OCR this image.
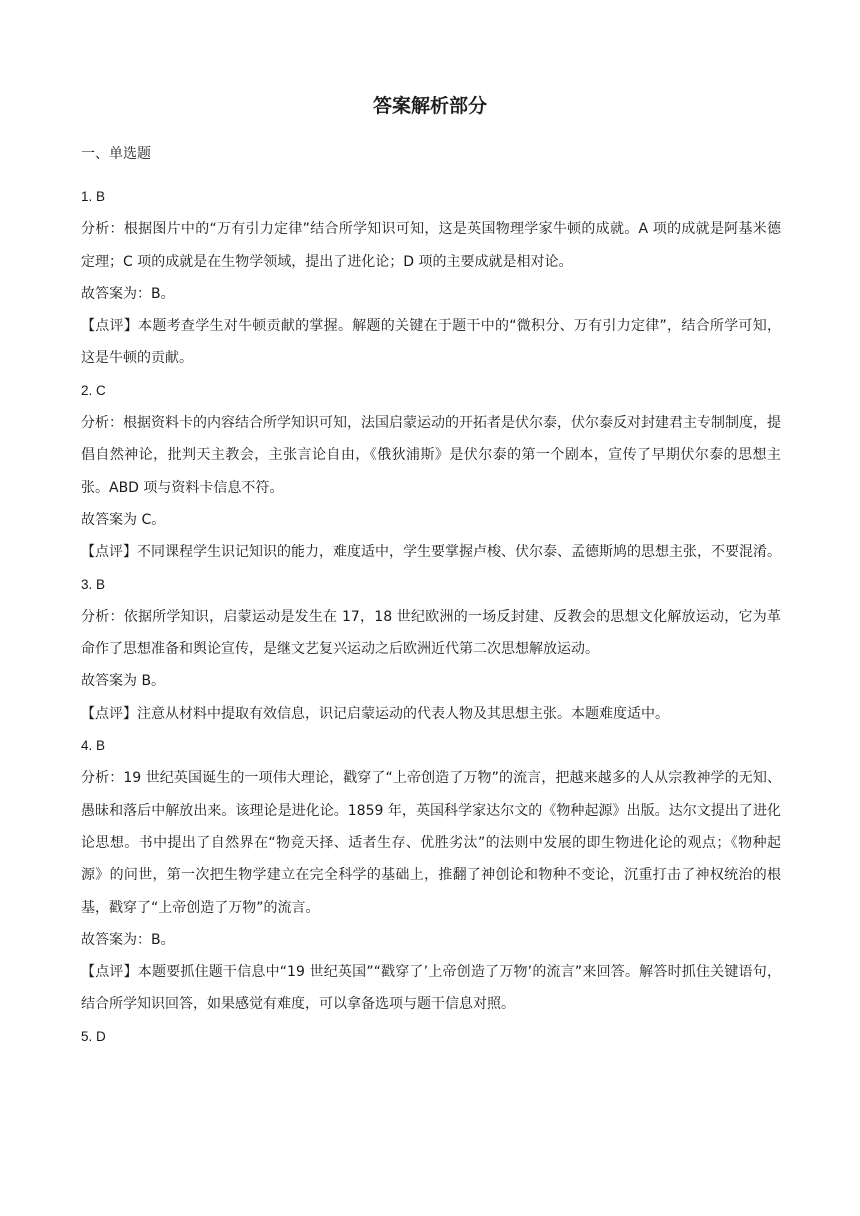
答案解析部分
一、单选题

1. B

分析：根据图片中的“万有引力定律”结合所学知识可知，这是英国物理学家牛顿的成就。A 项的成就是阿基米德定理；C 项的成就是在生物学领域，提出了进化论；D 项的主要成就是相对论。

故答案为：B。

【点评】本题考查学生对牛顿贡献的掌握。解题的关键在于题干中的“微积分、万有引力定律”，结合所学可知，这是牛顿的贡献。

2. C

分析：根据资料卡的内容结合所学知识可知，法国启蒙运动的开拓者是伏尔泰，伏尔泰反对封建君主专制制度，提倡自然神论，批判天主教会，主张言论自由，《俄狄浦斯》是伏尔泰的第一个剧本，宣传了早期伏尔泰的思想主张。ABD 项与资料卡信息不符。

故答案为 C。

【点评】不同课程学生识记知识的能力，难度适中，学生要掌握卢梭、伏尔泰、孟德斯鸠的思想主张，不要混淆。

3. B

分析：依据所学知识，启蒙运动是发生在 17，18 世纪欧洲的一场反封建、反教会的思想文化解放运动，它为革命作了思想准备和舆论宣传，是继文艺复兴运动之后欧洲近代第二次思想解放运动。

故答案为 B。

【点评】注意从材料中提取有效信息，识记启蒙运动的代表人物及其思想主张。本题难度适中。

4. B

分析：19 世纪英国诞生的一项伟大理论，戳穿了“上帝创造了万物”的流言，把越来越多的人从宗教神学的无知、愚昧和落后中解放出来。该理论是进化论。1859 年，英国科学家达尔文的《物种起源》出版。达尔文提出了进化论思想。书中提出了自然界在“物竞天择、适者生存、优胜劣汰”的法则中发展的即生物进化论的观点；《物种起源》的问世，第一次把生物学建立在完全科学的基础上，推翻了神创论和物种不变论，沉重打击了神权统治的根基，戳穿了“上帝创造了万物”的流言。

故答案为：B。

【点评】本题要抓住题干信息中“19 世纪英国”“戳穿了’上帝创造了万物’的流言”来回答。解答时抓住关键语句，结合所学知识回答，如果感觉有难度，可以拿备选项与题干信息对照。

5. D
